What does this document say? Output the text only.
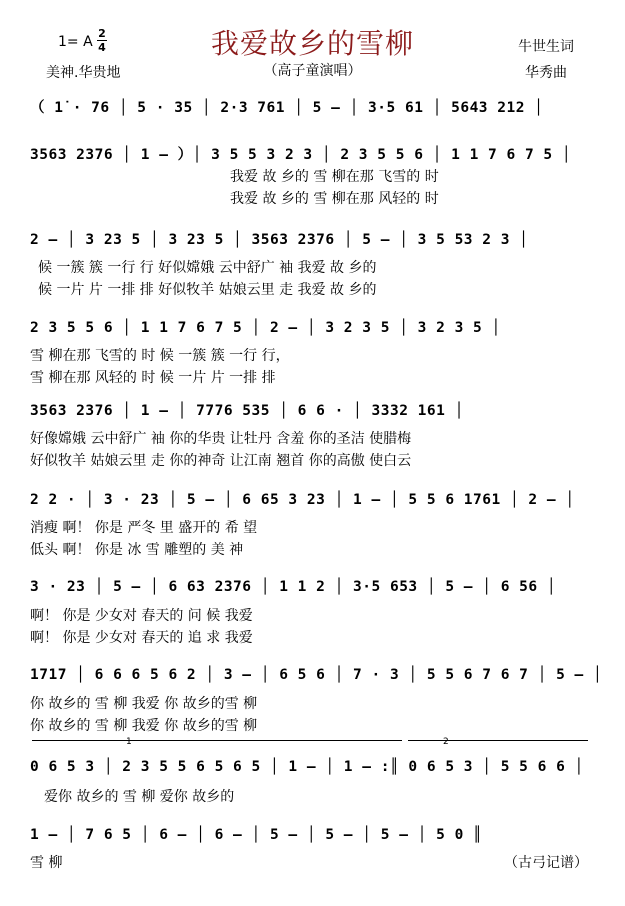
我爱故乡的雪柳
（高子童演唱）
1= A
2
4
美神.华贵地
牛世生词
华秀曲
（ 1̇ · 76 │ 5 · 35 │ 2·3 761 │ 5 – │ 3·5 61 │ 5643 212 │
3563 2376 │ 1 – ）│ 3 5 5 3 2 3 │ 2 3 5 5 6 │ 1 1 7 6 7 5 │
我爱 故 乡的 雪 柳在那 飞雪的 时
我爱 故 乡的 雪 柳在那 风轻的 时
2 – │ 3 23 5 │ 3 23 5 │ 3563 2376 │ 5 – │ 3 5 53 2 3 │
候 一簇 簇 一行 行 好似嫦娥 云中舒广 袖 我爱 故 乡的
候 一片 片 一排 排 好似牧羊 姑娘云里 走 我爱 故 乡的
2 3 5 5 6 │ 1 1 7 6 7 5 │ 2 – │ 3 2 3 5 │ 3 2 3 5 │
雪 柳在那 飞雪的 时 候 一簇 簇 一行 行，
雪 柳在那 风轻的 时 候 一片 片 一排 排
3563 2376 │ 1 – │ 7776 535 │ 6 6 · │ 3332 161 │
好像嫦娥 云中舒广 袖 你的华贵 让牡丹 含羞 你的圣洁 使腊梅
好似牧羊 姑娘云里 走 你的神奇 让江南 翘首 你的高傲 使白云
2 2 · │ 3 · 23 │ 5 – │ 6 65 3 23 │ 1 – │ 5 5 6 1761 │ 2 – │
消瘦 啊！ 你是 严冬 里 盛开的 希 望
低头 啊！ 你是 冰 雪 雕塑的 美 神
3 · 23 │ 5 – │ 6 63 2376 │ 1 1 2 │ 3·5 653 │ 5 – │ 6 56 │
啊！ 你是 少女对 春天的 问 候 我爱
啊！ 你是 少女对 春天的 追 求 我爱
1717 │ 6 6 6 5 6 2 │ 3 – │ 6 5 6 │ 7 · 3 │ 5 5 6 7 6 7 │ 5 – │
你 故乡的 雪 柳 我爱 你 故乡的雪 柳
你 故乡的 雪 柳 我爱 你 故乡的雪 柳
1	2
0 6 5 3 │ 2 3 5 5 6 5 6 5 │ 1 – │ 1 – :║ 0 6 5 3 │ 5 5 6 6 │
爱你 故乡的 雪 柳 爱你 故乡的
1 – │ 7 6 5 │ 6 – │ 6 – │ 5 – │ 5 – │ 5 – │ 5 0 ║
雪 柳	（古弓记谱）
